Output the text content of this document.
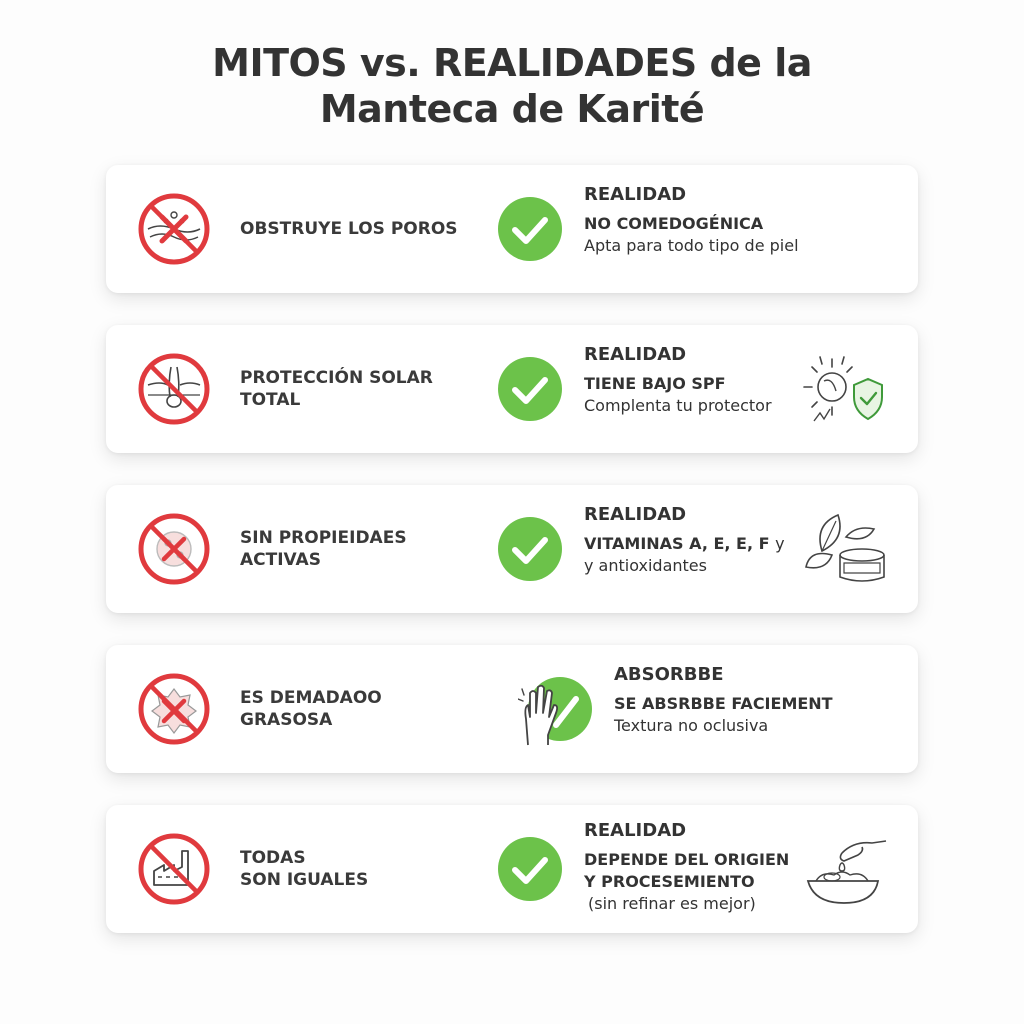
MITOS vs. REALIDADES de la
Manteca de Karité
OBSTRUYE LOS POROS
REALIDAD
NO COMEDOGÉNICA
Apta para todo tipo de piel
PROTECCIÓN SOLAR
TOTAL
REALIDAD
TIENE BAJO SPF
Complenta tu protector
SIN PROPIEIDAES
ACTIVAS
REALIDAD
VITAMINAS A, E, E, F y
y antioxidantes
ES DEMADAOO
GRASOSA
ABSORBBE
SE ABSRBBE FACIEMENT
Textura no oclusiva
TODAS
SON IGUALES
REALIDAD
DEPENDE DEL ORIGIEN
Y PROCESEMIENTO
(sin refinar es mejor)
